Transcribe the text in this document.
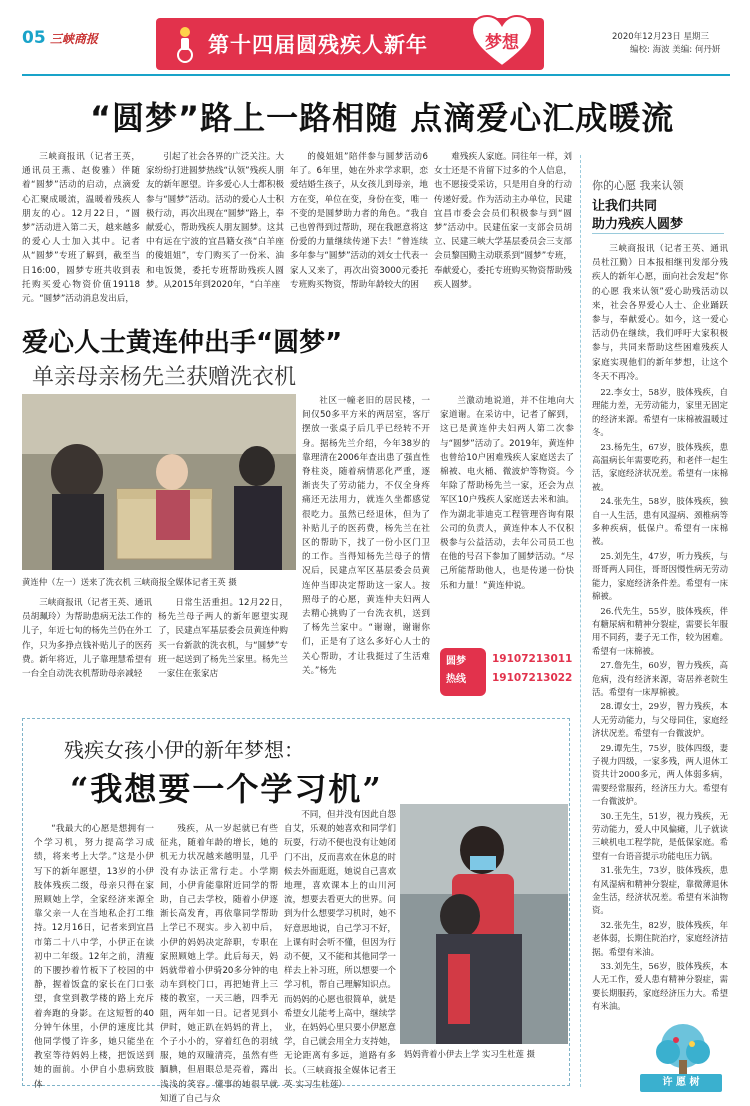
05 三峡商报	第十四届圆残疾人新年	梦想	2020年12月23日 星期三
编校: 海波 美编: 何丹妍
“圆梦”路上一路相随 点滴爱心汇成暖流

三峡商报讯（记者王英，通讯员王燕、赵俊雅）伴随着“圆梦”活动的启动，点滴爱心汇聚成暖流，温暖着残疾人朋友的心。12月22日，“圆梦”活动进入第二天，越来越多的爱心人士加入其中。记者从“圆梦”专班了解到，截至当日16:00，圆梦专班共收到表托购买爱心物资价值19118元。“圆梦”活动消息发出后，

引起了社会各界的广泛关注。大家纷纷打进圆梦热线“认领”残疾人朋友的新年愿望。许多爱心人士都积极参与“圆梦”活动。活动的爱心人士积极行动，再次出现在“圆梦”路上，奉献爱心，帮助残疾人朋友圆梦。这其中有远在宁波的宜昌籍女孩“白羊座的傻姐姐”，专门购买了一份米、油和电饭煲，委托专班帮助残疾人圆梦。从2015年到2020年，“白羊座

的傻姐姐”陪伴参与圆梦活动6年了。6年里，她在外求学求职，恋爱结婚生孩子，从女孩儿到母亲，地方在变，单位在变，身份在变，唯一不变的是圆梦助力者的角色。“我自己也曾得到过帮助，现在我愿意将这份爱的力量继续传递下去！”曾连续多年参与“圆梦”活动的刘女士代表一家人又来了，再次出资3000元委托专班购买物资，帮助年龄较大的困

难残疾人家庭。同往年一样，刘女士还是不肯留下过多的个人信息，也不愿接受采访，只是用自身的行动传递好爱。作为活动主办单位，民建宜昌市委会会员们积极参与到“圆梦”活动中。民建伍家一支部会员胡立、民建三峡大学基层委员会三支部会员黎国勤主动联系到“圆梦”专班，奉献爱心，委托专班购买物资帮助残疾人圆梦。

爱心人士黄连仲出手“圆梦”
单亲母亲杨先兰获赠洗衣机
黄连仲（左一）送来了洗衣机 三峡商报全媒体记者王英 摄

三峡商报讯（记者王英、通讯员胡珮玲）为帮助患病无法工作的儿子，年近七旬的杨先兰仍在外工作，只为多挣点钱补贴儿子的医药费。新年将近，儿子靠理慧希望有一台全自动洗衣机帮助母亲减轻

日常生活重担。12月22日，杨先兰母子两人的新年愿望实现了，民建点军基层委会员黄连仲购买一台新款的洗衣机，与“圆梦”专班一起送到了杨先兰家里。杨先兰一家住在张家店

社区一幢老旧的居民楼，一间仅50多平方米的两居室，客厅摆放一张桌子后几乎已经转不开身。据杨先兰介绍，今年38岁的靠理清在2006年查出患了强直性脊柱炎，随着病情恶化严重，逐渐丧失了劳动能力，不仅全身疼痛还无法用力，就连久坐都感觉很吃力。虽然已经退休，但为了补贴儿子的医药费，杨先兰在社区的帮助下，找了一份小区门卫的工作。当得知杨先兰母子的情况后，民建点军区基层委会员黄连仲当即决定帮助这一家人。按照母子的心愿，黄连仲夫妇两人去精心挑购了一台洗衣机，送到了杨先兰家中。“谢谢，谢谢你们，正是有了这么多好心人士的关心帮助，才让我挺过了生活难关。”杨先

兰激动地说道，并不住地向大家道谢。在采访中，记者了解到，这已是黄连仲夫妇两人第二次参与“圆梦”活动了。2019年，黄连仲也曾给10户困难残疾人家庭送去了棉被、电火桶、微波炉等物资。今年除了帮助杨先兰一家，还会为点军区10户残疾人家庭送去米和油。作为湖北菲迪克工程管理咨询有限公司的负责人，黄连仲本人不仅积极参与公益活动，去年公司员工也在他的号召下参加了圆梦活动。“尽己所能帮助他人，也是传递一份快乐和力量！”黄连仲说。

圆梦
热线
19107213011
19107213022
残疾女孩小伊的新年梦想：
“我想要一个学习机”

“我最大的心愿是想拥有一个学习机，努力提高学习成绩，将来考上大学。”这是小伊写下的新年愿望，13岁的小伊肢体残疾二级，母亲只得在家照顾她上学，全家经济来源全靠父亲一人在当地私企打工维持。12月16日，记者来到宜昌市第二十八中学，小伊正在读初中二年级。12年之前，清瘦的下腰抄着竹板下了校园的中静，握着饭盒的家长在门口张望，食堂到教学楼的路上充斥着奔跑的身影。在这短暂的40分钟午休里，小伊的速度比其他同学慢了许多，她只能坐在教室等待妈妈上楼，把饭送到她的面前。小伊自小患病致肢体

残疾，从一岁起就已有些征兆，随着年龄的增长，她的机无力状况越来越明显，几乎没有办法正常行走。小学期间，小伊肯能靠附近同学的帮助，自己去学校，随着小伊逐渐长高发育，再依靠同学帮助上学已不现实。步入初中后，小伊的妈妈决定辞职，专职在家照顾她上学。此后每天，妈妈就带着小伊骑20多分钟的电动车到校门口，再把她背上三楼的教室，一天三趟，四季无阻，两年如一日。记者见到小伊时，她正趴在妈妈的背上，个子小小的，穿着红色的羽绒服，她的双瞳清亮，虽然有些腼腆，但眉眼总是亮着，露出浅浅的笑容。懂事的她很早就知道了自己与众

不同，但并没有因此自怨自艾，乐观的她喜欢和同学们玩耍，行动不便也没有让她闭门不出，反而喜欢在休息的时候去外面逛逛，她说自己喜欢地理，喜欢课本上的山川河流，想要去看更大的世界。问到为什么想要学习机时，她不好意思地说，自己学习不好，上课有时会听不懂，但因为行动不便，又不能和其他同学一样去上补习班，所以想要一个学习机，帮自己理解知识点。而妈妈的心愿也很简单，就是希望女儿能考上高中，继续学业，在妈妈心里只要小伊愿意学，自己就会用全力支持她，无论距离有多远，道路有多长。（三峡商报全媒体记者王英 实习生杜莲）

妈妈背着小伊去上学 实习生杜莲 摄
你的心愿 我来认领
让我们共同
助力残疾人圆梦

三峡商报讯（记者王英、通讯员杜江勤）日本报相继刊发部分残疾人的新年心愿，面向社会发起“你的心愿 我来认领”爱心助残活动以来，社会各界爱心人士、企业踊跃参与，奉献爱心。如今，这一爱心活动仍在继续，我们呼吁大家积极参与，共同来帮助这些困难残疾人家庭实现他们的新年梦想，让这个冬天不再冷。

22.李女士，58岁，肢体残疾，自理能力差，无劳动能力，家里无固定的经济来源。希望有一床棉被温暖过冬。
23.杨先生，67岁，肢体残疾，患高温病长年需要吃药，和老伴一起生活，家庭经济状况差。希望有一床棉被。
24.张先生，58岁，肢体残疾，独自一人生活，患有风湿病、颈椎病等多种疾病，低保户。希望有一床棉被。
25.刘先生，47岁，听力残疾，与哥哥两人同住，哥哥因慢性病无劳动能力，家庭经济条件差。希望有一床棉被。
26.代先生，55岁，肢体残疾，伴有糖尿病和精神分裂症，需要长年服用不同药，妻子无工作，较为困难。希望有一床棉被。
27.詹先生，60岁，智力残疾，高危病，没有经济来源，寄居养老院生活。希望有一床厚棉被。
28.谭女士，29岁，智力残疾，本人无劳动能力，与父母同住，家庭经济状况差。希望有一台微波炉。
29.谭先生，75岁，肢体四级，妻子视力四级，一家多残，两人退休工资共计2000多元，两人体弱多病，需要经常服药，经济压力大。希望有一台微波炉。
30.王先生，51岁，视力残疾，无劳动能力，爱人中风偏瘫，儿子就读三峡机电工程学院，是低保家庭。希望有一台语音提示功能电压力锅。
31.张先生，73岁，肢体残疾，患有风湿病和精神分裂症，靠微薄退休金生活，经济状况差。希望有米油物资。
32.张先生，82岁，肢体残疾，年老体弱，长期住院治疗，家庭经济拮据。希望有米油。
33.刘先生，56岁，肢体残疾，本人无工作，爱人患有精神分裂症，需要长期服药，家庭经济压力大。希望有米油。
许 愿 树
